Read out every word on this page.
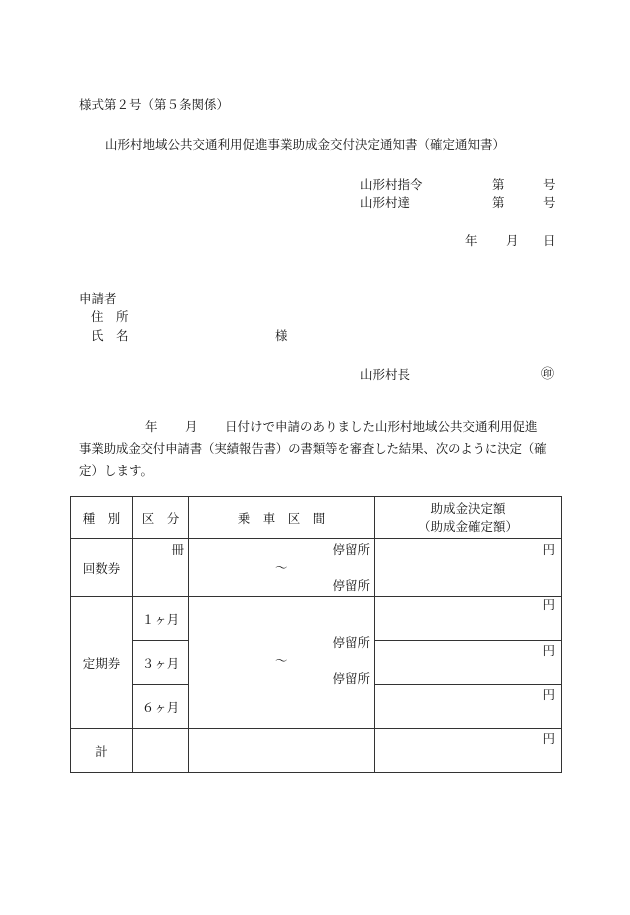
様式第２号（第５条関係）
山形村地域公共交通利用促進事業助成金交付決定通知書（確定通知書）
山形村指令	第	号
山形村達	第	号
年 月 日
申請者
住　所
氏　名	様
山形村長	㊞
年 月 日付けで申請のありました山形村地域公共交通利用促進
事業助成金交付申請書（実績報告書）の書類等を審査した結果、次のように決定（確
定）します。
種　別	区　分	乗　車　区　間	助成金決定額
（助成金確定額）

回数券	冊	停留所
〜
停留所	円

定期券	１ヶ月	停留所
〜
停留所	円

	３ヶ月		円

	６ヶ月		円

計			円
